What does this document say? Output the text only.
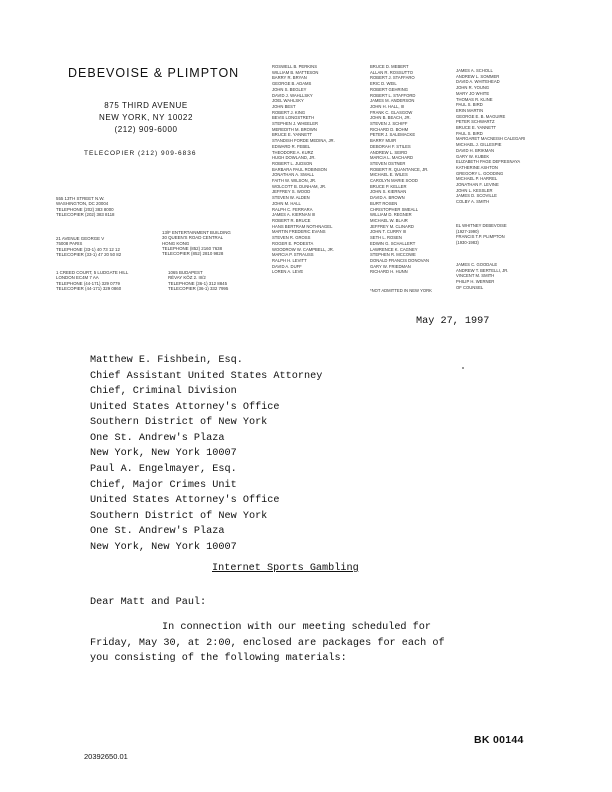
DEBEVOISE & PLIMPTON
875 THIRD AVENUE
NEW YORK, NY 10022
(212) 909-6000
TELECOPIER (212) 909-6836
555 13TH STREET N.W.
WASHINGTON, DC 20004
TELEPHONE (202) 383 8000
TELECOPIER (202) 383 8118
21 AVENUE GEORGE V
75008 PARIS
TELEPHONE (33-1) 40 73 12 12
TELECOPIER (33-1) 47 20 50 82
13/F ENTERTAINMENT BUILDING
30 QUEEN'S ROAD CENTRAL
HONG KONG
TELEPHONE (852) 2160 7638
TELECOPIER (852) 2810 9828
1 CREED COURT, 5 LUDGATE HILL
LONDON EC4M 7 AA
TELEPHONE (44-171) 329 0779
TELECOPIER (44-171) 329 0860
1065 BUDAPEST
RÉVAY KÖZ 2. III/2
TELEPHONE (36-1) 312 8845
TELECOPIER (36-1) 332 7995
ROSWELL B. PERKINS
WILLIAM B. MATTESON
BARRY R. BRYAN
GEORGE B. ADAMS
JOHN S. BEGLEY
DAVID J. WAHLLSKY
JOEL WAHLSKY
JOHN BEST
ROBERT J. KING
BEVIS LONGSTRETH
STEPHEN J. WHEELER
MEREDITH M. BROWN
BRUCE E. YANNETT
STANDISH FORDE MEDINA, JR.
EDWARD R. FEBEL
THEODORE A. KURZ
HUGH DOWLAND, JR.
ROBERT L. JUDSON
BARBARA PAUL ROBINSON
JONATHAN A. SMALL
FAITH W. WILSON, JR.
WOLCOTT B. DUNHAM, JR.
JEFFREY S. WOOD
STEVEN W. ALDEN
JOHN M. HALL
RALPH C. FERRARA
JAMES A. KIERNAN III
ROBERT R. BRUCE
HANS BERTRAM NOTHNAGEL
MARTIN FREDERIC EVANS
STEVEN R. GROSS
ROGER E. PODESTA
WOODROW W. CAMPBELL, JR.
MARCIA P. STRAUSS
RALPH H. LEVITT
DAVID A. DUFF
LOREN A. LEVE
BRUCE D. MEBERT
ALLAN R. ROSSUTTO
ROBERT J. STAFFARO
ERIC D. WEIL
ROBERT GEHRING
ROBERT L. STAFFORD
JAMES M. ANDERSON
JOHN H. HALL, III
FRANK C. GLASGOW
JOHN B. BEACH, JR.
STEVEN J. SCHIFF
RICHARD D. BOHM
PETER J. SALEMACKE
BARRY MUIR
DEBORAH F. STILES
ANDREW L. SEIRD
MARCIA L. MACHARD
STEVEN OSTNER
ROBERT R. QUANTANCE, JR.
MICHAEL E. WILES
CAROLYN MARIE SOOD
BRUCE P. KELLER
JOHN S. KIERNAN
DAVID A. BROWN
BURT ROSEN
CHRISTOPHER SMEALL
WILLIAM D. REGNER
MICHAEL W. BLAIR
JEFFREY M. CLINARD
JOHN T. CURRY III
SETH L. ROSEN
EDWIN G. SCHALLERT
LAWRENCE K. CAGNEY
STEPHEN R. MCCOWE
DONALD FRANCIS DONOVAN
GARY W. FRIEDMAN
RICHARD H. HUNN
JAMES A. SCHOLL
ANDREW L. SOMMER
DAVID A. WHITEHEAD
JOHN R. YOUNG
MARY JO WHITE
THOMAS R. KLINE
PAUL S. BIRD
ERIN MARTIN
GEORGE E. B. MAGUIRE
PETER SCHWARTZ
BRUCE E. YANNETT
PAUL S. BIRD
MARGARET MACNEISH CALEGARI
MICHAEL J. GILLESPIE
DAVID H. BRIKMAN
GARY W. KUBEK
ELIZABETH PAGE DEFRESNAYA
KATHERINE ASHTON
GREGORY L. GOODING
MICHAEL P. HARREL
JONATHAN F. LEVINE
JOHN L. KESSLER
JAMES D. SCOVILLE
COLBY A. SMITH
EL WHITNEY DEBEVOISE
(1927-1990)
FRANCIS T.P. PLIMPTON
(1930-1983)
JAMES C. GOODALE
ANDREW T. BERTELLI, JR.
VINCENT M. SMITH
PHILIP H. WERNER
OF COUNSEL
*NOT ADMITTED IN NEW YORK
May 27, 1997
Matthew E. Fishbein, Esq.
Chief Assistant United States Attorney
Chief, Criminal Division
United States Attorney's Office
Southern District of New York
One St. Andrew's Plaza
New York, New York 10007
Paul A. Engelmayer, Esq.
Chief, Major Crimes Unit
United States Attorney's Office
Southern District of New York
One St. Andrew's Plaza
New York, New York 10007
Internet Sports Gambling
Dear Matt and Paul:
In connection with our meeting scheduled for
Friday, May 30, at 2:00, enclosed are packages for each of
you consisting of the following materials:
BK 00144
20392650.01
